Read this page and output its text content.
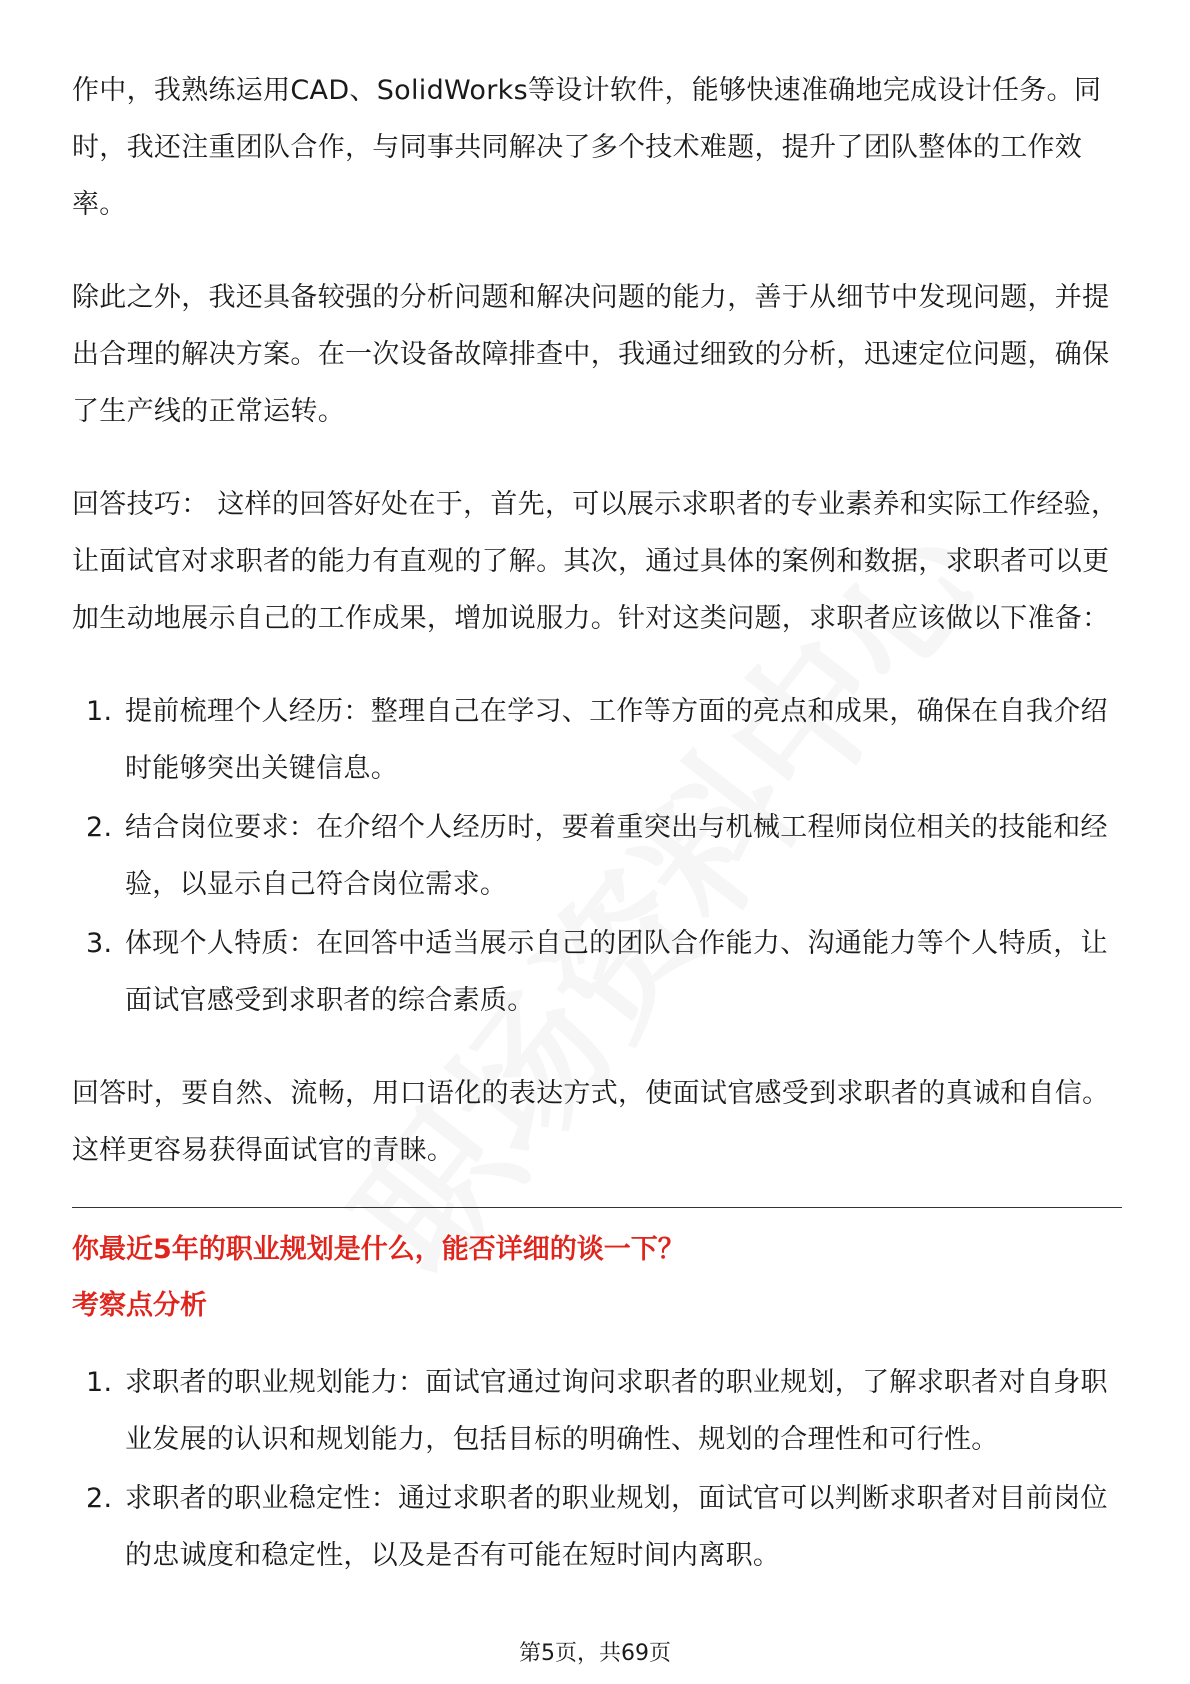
作中，我熟练运用CAD、SolidWorks等设计软件，能够快速准确地完成设计任务。同时，我还注重团队合作，与同事共同解决了多个技术难题，提升了团队整体的工作效率。

除此之外，我还具备较强的分析问题和解决问题的能力，善于从细节中发现问题，并提出合理的解决方案。在一次设备故障排查中，我通过细致的分析，迅速定位问题，确保了生产线的正常运转。

回答技巧： 这样的回答好处在于，首先，可以展示求职者的专业素养和实际工作经验，让面试官对求职者的能力有直观的了解。其次，通过具体的案例和数据，求职者可以更加生动地展示自己的工作成果，增加说服力。针对这类问题，求职者应该做以下准备：

1. 提前梳理个人经历：整理自己在学习、工作等方面的亮点和成果，确保在自我介绍时能够突出关键信息。
2. 结合岗位要求：在介绍个人经历时，要着重突出与机械工程师岗位相关的技能和经验，以显示自己符合岗位需求。
3. 体现个人特质：在回答中适当展示自己的团队合作能力、沟通能力等个人特质，让面试官感受到求职者的综合素质。

回答时，要自然、流畅，用口语化的表达方式，使面试官感受到求职者的真诚和自信。这样更容易获得面试官的青睐。

你最近5年的职业规划是什么，能否详细的谈一下？

考察点分析

1. 求职者的职业规划能力：面试官通过询问求职者的职业规划，了解求职者对自身职业发展的认识和规划能力，包括目标的明确性、规划的合理性和可行性。
2. 求职者的职业稳定性：通过求职者的职业规划，面试官可以判断求职者对目前岗位的忠诚度和稳定性，以及是否有可能在短时间内离职。
第5页，共69页
